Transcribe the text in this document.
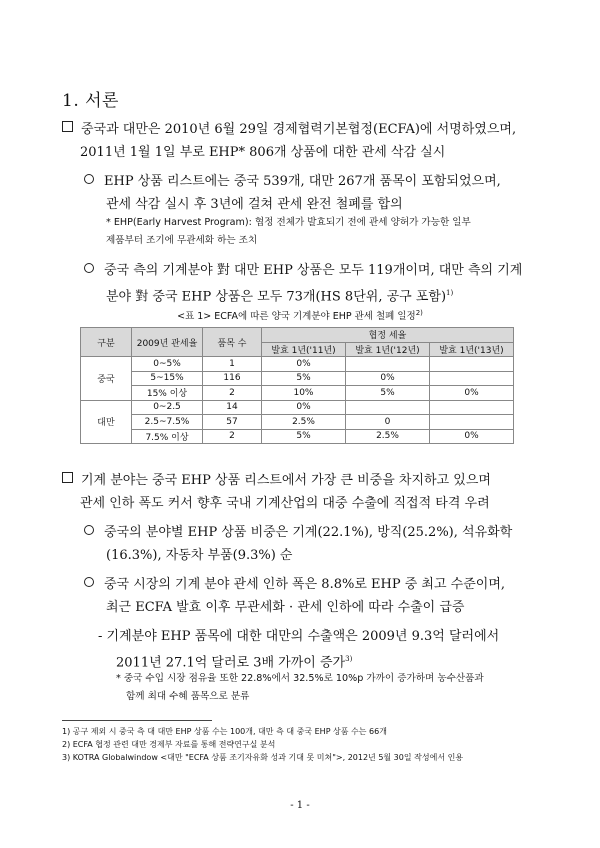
1. 서론
중국과 대만은 2010년 6월 29일 경제협력기본협정(ECFA)에 서명하였으며,
2011년 1월 1일 부로 EHP* 806개 상품에 대한 관세 삭감 실시
EHP 상품 리스트에는 중국 539개, 대만 267개 품목이 포함되었으며,
관세 삭감 실시 후 3년에 걸쳐 관세 완전 철폐를 합의
* EHP(Early Harvest Program): 협정 전체가 발효되기 전에 관세 양허가 가능한 일부
제품부터 조기에 무관세화 하는 조치
중국 측의 기계분야 對 대만 EHP 상품은 모두 119개이며, 대만 측의 기계
분야 對 중국 EHP 상품은 모두 73개(HS 8단위, 공구 포함)$^{1)}$
<표 1> ECFA에 따른 양국 기계분야 EHP 관세 철폐 일정$^{2)}$
구분	2009년 관세율	품목 수	협정 세율		
			발효 1년('11년)	발효 1년('12년)	발효 1년('13년)
중국	0~5%	1	0%		
	5~15%	116	5%	0%	
	15% 이상	2	10%	5%	0%
대만	0~2.5	14	0%		
	2.5~7.5%	57	2.5%	0	
	7.5% 이상	2	5%	2.5%	0%
기계 분야는 중국 EHP 상품 리스트에서 가장 큰 비중을 차지하고 있으며
관세 인하 폭도 커서 향후 국내 기계산업의 대중 수출에 직접적 타격 우려
중국의 분야별 EHP 상품 비중은 기계(22.1%), 방직(25.2%), 석유화학
(16.3%), 자동차 부품(9.3%) 순
중국 시장의 기계 분야 관세 인하 폭은 8.8%로 EHP 중 최고 수준이며,
최근 ECFA 발효 이후 무관세화 · 관세 인하에 따라 수출이 급증
- 기계분야 EHP 품목에 대한 대만의 수출액은 2009년 9.3억 달러에서
2011년 27.1억 달러로 3배 가까이 증가$^{3)}$
* 중국 수입 시장 점유율 또한 22.8%에서 32.5%로 10%p 가까이 증가하며 농수산품과
함께 최대 수혜 품목으로 분류
1) 공구 제외 시 중국 측 대 대만 EHP 상품 수는 100개, 대만 측 대 중국 EHP 상품 수는 66개
2) ECFA 협정 관련 대만 경제부 자료를 통해 전략연구실 분석
3) KOTRA Globalwindow <대만 "ECFA 상품 조기자유화 성과 기대 못 미쳐">, 2012년 5월 30일 작성에서 인용
- 1 -
